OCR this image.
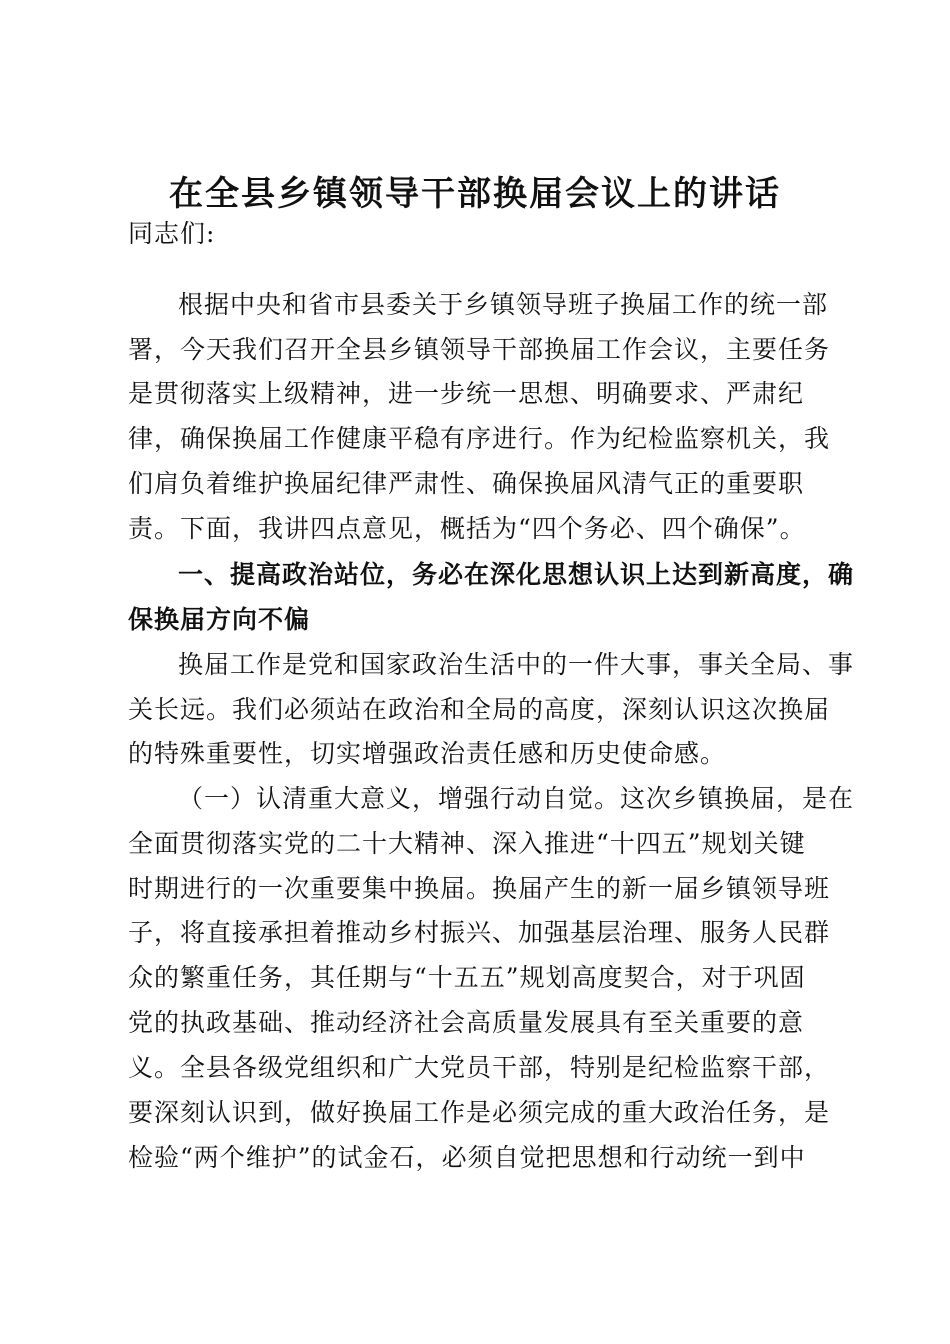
在全县乡镇领导干部换届会议上的讲话
同志们:
根据中央和省市县委关于乡镇领导班子换届工作的统一部
署，今天我们召开全县乡镇领导干部换届工作会议，主要任务
是贯彻落实上级精神，进一步统一思想、明确要求、严肃纪
律，确保换届工作健康平稳有序进行。作为纪检监察机关，我
们肩负着维护换届纪律严肃性、确保换届风清气正的重要职
责。下面，我讲四点意见，概括为“四个务必、四个确保”。
一、提高政治站位，务必在深化思想认识上达到新高度，确
保换届方向不偏
换届工作是党和国家政治生活中的一件大事，事关全局、事
关长远。我们必须站在政治和全局的高度，深刻认识这次换届
的特殊重要性，切实增强政治责任感和历史使命感。
（一）认清重大意义，增强行动自觉。这次乡镇换届，是在
全面贯彻落实党的二十大精神、深入推进“十四五”规划关键
时期进行的一次重要集中换届。换届产生的新一届乡镇领导班
子，将直接承担着推动乡村振兴、加强基层治理、服务人民群
众的繁重任务，其任期与“十五五”规划高度契合，对于巩固
党的执政基础、推动经济社会高质量发展具有至关重要的意
义。全县各级党组织和广大党员干部，特别是纪检监察干部，
要深刻认识到，做好换届工作是必须完成的重大政治任务，是
检验“两个维护”的试金石，必须自觉把思想和行动统一到中
